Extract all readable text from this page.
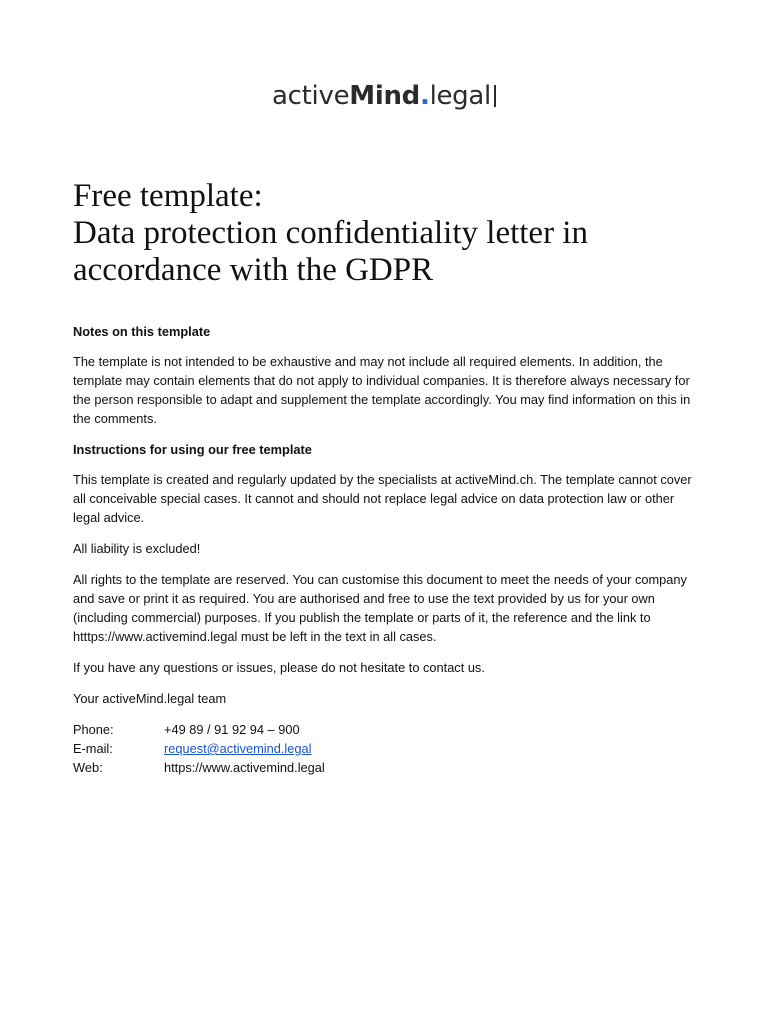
activeMind.legal
Free template:
Data protection confidentiality letter in
accordance with the GDPR
Notes on this template

The template is not intended to be exhaustive and may not include all required elements. In addition, the template may contain elements that do not apply to individual companies. It is therefore always necessary for the person responsible to adapt and supplement the template accordingly. You may find information on this in the comments.

Instructions for using our free template

This template is created and regularly updated by the specialists at activeMind.ch. The template cannot cover all conceivable special cases. It cannot and should not replace legal advice on data protection law or other legal advice.

All liability is excluded!

All rights to the template are reserved. You can customise this document to meet the needs of your company and save or print it as required. You are authorised and free to use the text provided by us for your own (including commercial) purposes. If you publish the template or parts of it, the reference and the link to htttps://www.activemind.legal must be left in the text in all cases.

If you have any questions or issues, please do not hesitate to contact us.

Your activeMind.legal team

Phone:	+49 89 / 91 92 94 – 900
E-mail:	request@activemind.legal
Web:	https://www.activemind.legal
